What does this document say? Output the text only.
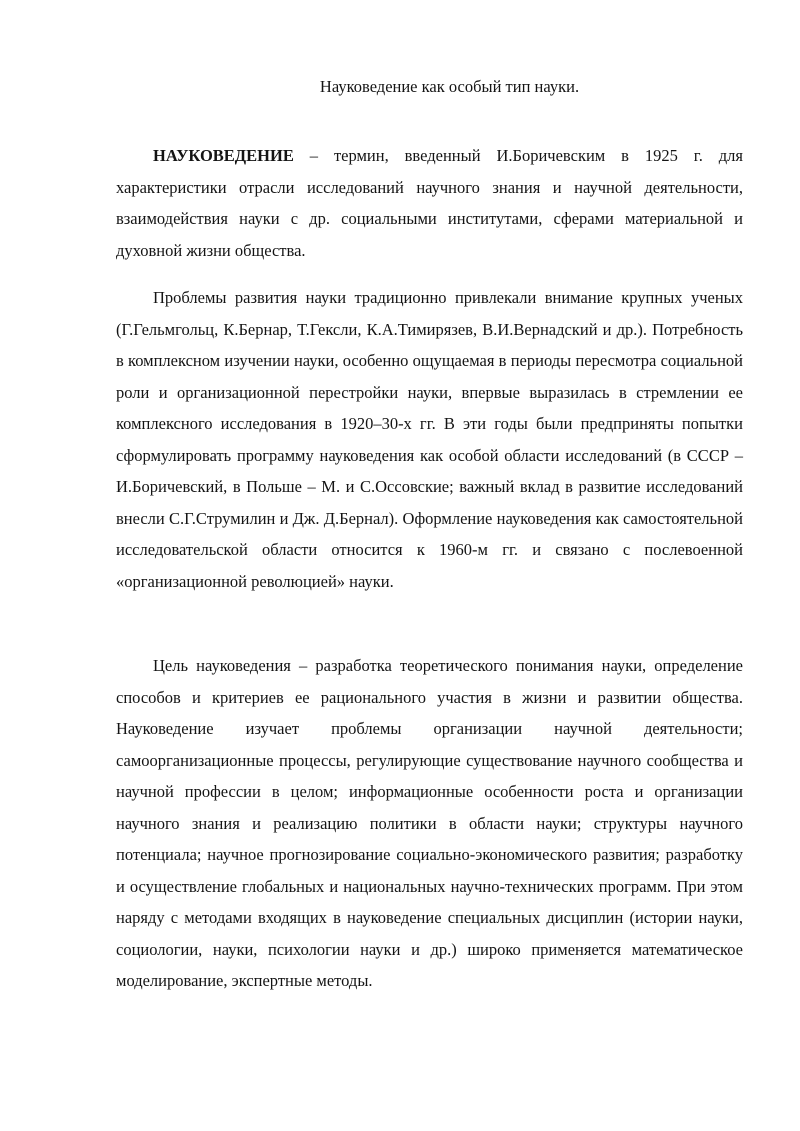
Науковедение как особый тип науки.

НАУКОВЕДЕНИЕ – термин, введенный И.Боричевским в 1925 г. для характеристики отрасли исследований научного знания и научной деятельности, взаимодействия науки с др. социальными институтами, сферами материальной и духовной жизни общества.

Проблемы развития науки традиционно привлекали внимание крупных ученых (Г.Гельмгольц, К.Бернар, Т.Гексли, К.А.Тимирязев, В.И.Вернадский и др.). Потребность в комплексном изучении науки, особенно ощущаемая в периоды пересмотра социальной роли и организационной перестройки науки, впервые выразилась в стремлении ее комплексного исследования в 1920–30-х гг. В эти годы были предприняты попытки сформулировать программу науковедения как особой области исследований (в СССР – И.Боричевский, в Польше – М. и С.Оссовские; важный вклад в развитие исследований внесли С.Г.Струмилин и Дж. Д.Бернал). Оформление науковедения как самостоятельной исследовательской области относится к 1960-м гг. и связано с послевоенной «организационной революцией» науки.

Цель науковедения – разработка теоретического понимания науки, определение способов и критериев ее рационального участия в жизни и развитии общества. Науковедение изучает проблемы организации научной деятельности; самоорганизационные процессы, регулирующие существование научного сообщества и научной профессии в целом; информационные особенности роста и организации научного знания и реализацию политики в области науки; структуры научного потенциала; научное прогнозирование социально-экономического развития; разработку и осуществление глобальных и национальных научно-технических программ. При этом наряду с методами входящих в науковедение специальных дисциплин (истории науки, социологии, науки, психологии науки и др.) широко применяется математическое моделирование, экспертные методы.
